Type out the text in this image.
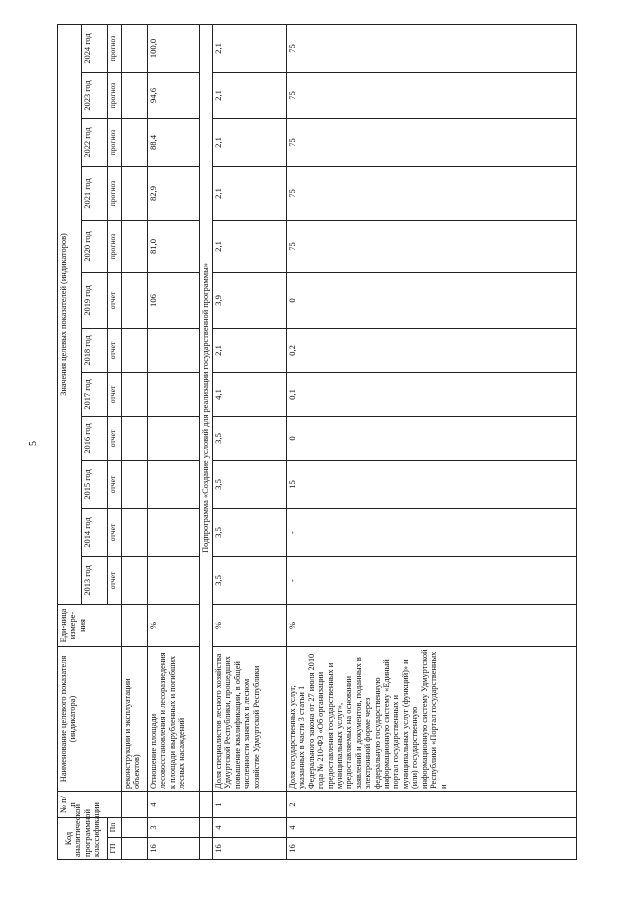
5
Код аналитической программной классификации		№ п/п	Наименование целевого показателя (индикатора)	Еди-ница измере-ния	Значения целевых показателей (индикаторов)											
					2013 год	2014 год	2015 год	2016 год	2017 год	2018 год	2019 год	2020 год	2021 год	2022 год	2023 год	2024 год
ГП	Пп				отчет	отчет	отчет	отчет	отчет	отчет	отчет	прогноз	прогноз	прогноз	прогноз	прогноз
			реконструкции и эксплуатации объектов)													
16	3	4	Отношение площади лесовосстановления и лесоразведения к площади вырубленных и погибших лесных насаждений	%							106	81,0	82,9	88,4	94,6	100,0
			Подпрограмма «Создание условий для реализации государственной программы»													
16	4	1	Доля специалистов лесного хозяйства Удмуртской Республики, прошедших повышение квалификации, в общей численности занятых в лесном хозяйстве Удмуртской Республики	%	3,5	3,5	3,5	3,5	4,1	2,1	3,9	2,1	2,1	2,1	2,1	2,1
16	4	2	Доля государственных услуг, указанных в части 3 статьи 1 Федерального закона от 27 июля 2010 года № 210-ФЗ «Об организации предоставления государственных и муниципальных услуг», предоставляемых на основании заявлений и документов, поданных в электронной форме через федеральную государственную информационную систему «Единый портал государственных и муниципальных услуг (функций)» и (или) государственную информационную систему Удмуртской Республики «Портал государственных и	%	-	-	15	0	0,1	0,2	0	75	75	75	75	75
